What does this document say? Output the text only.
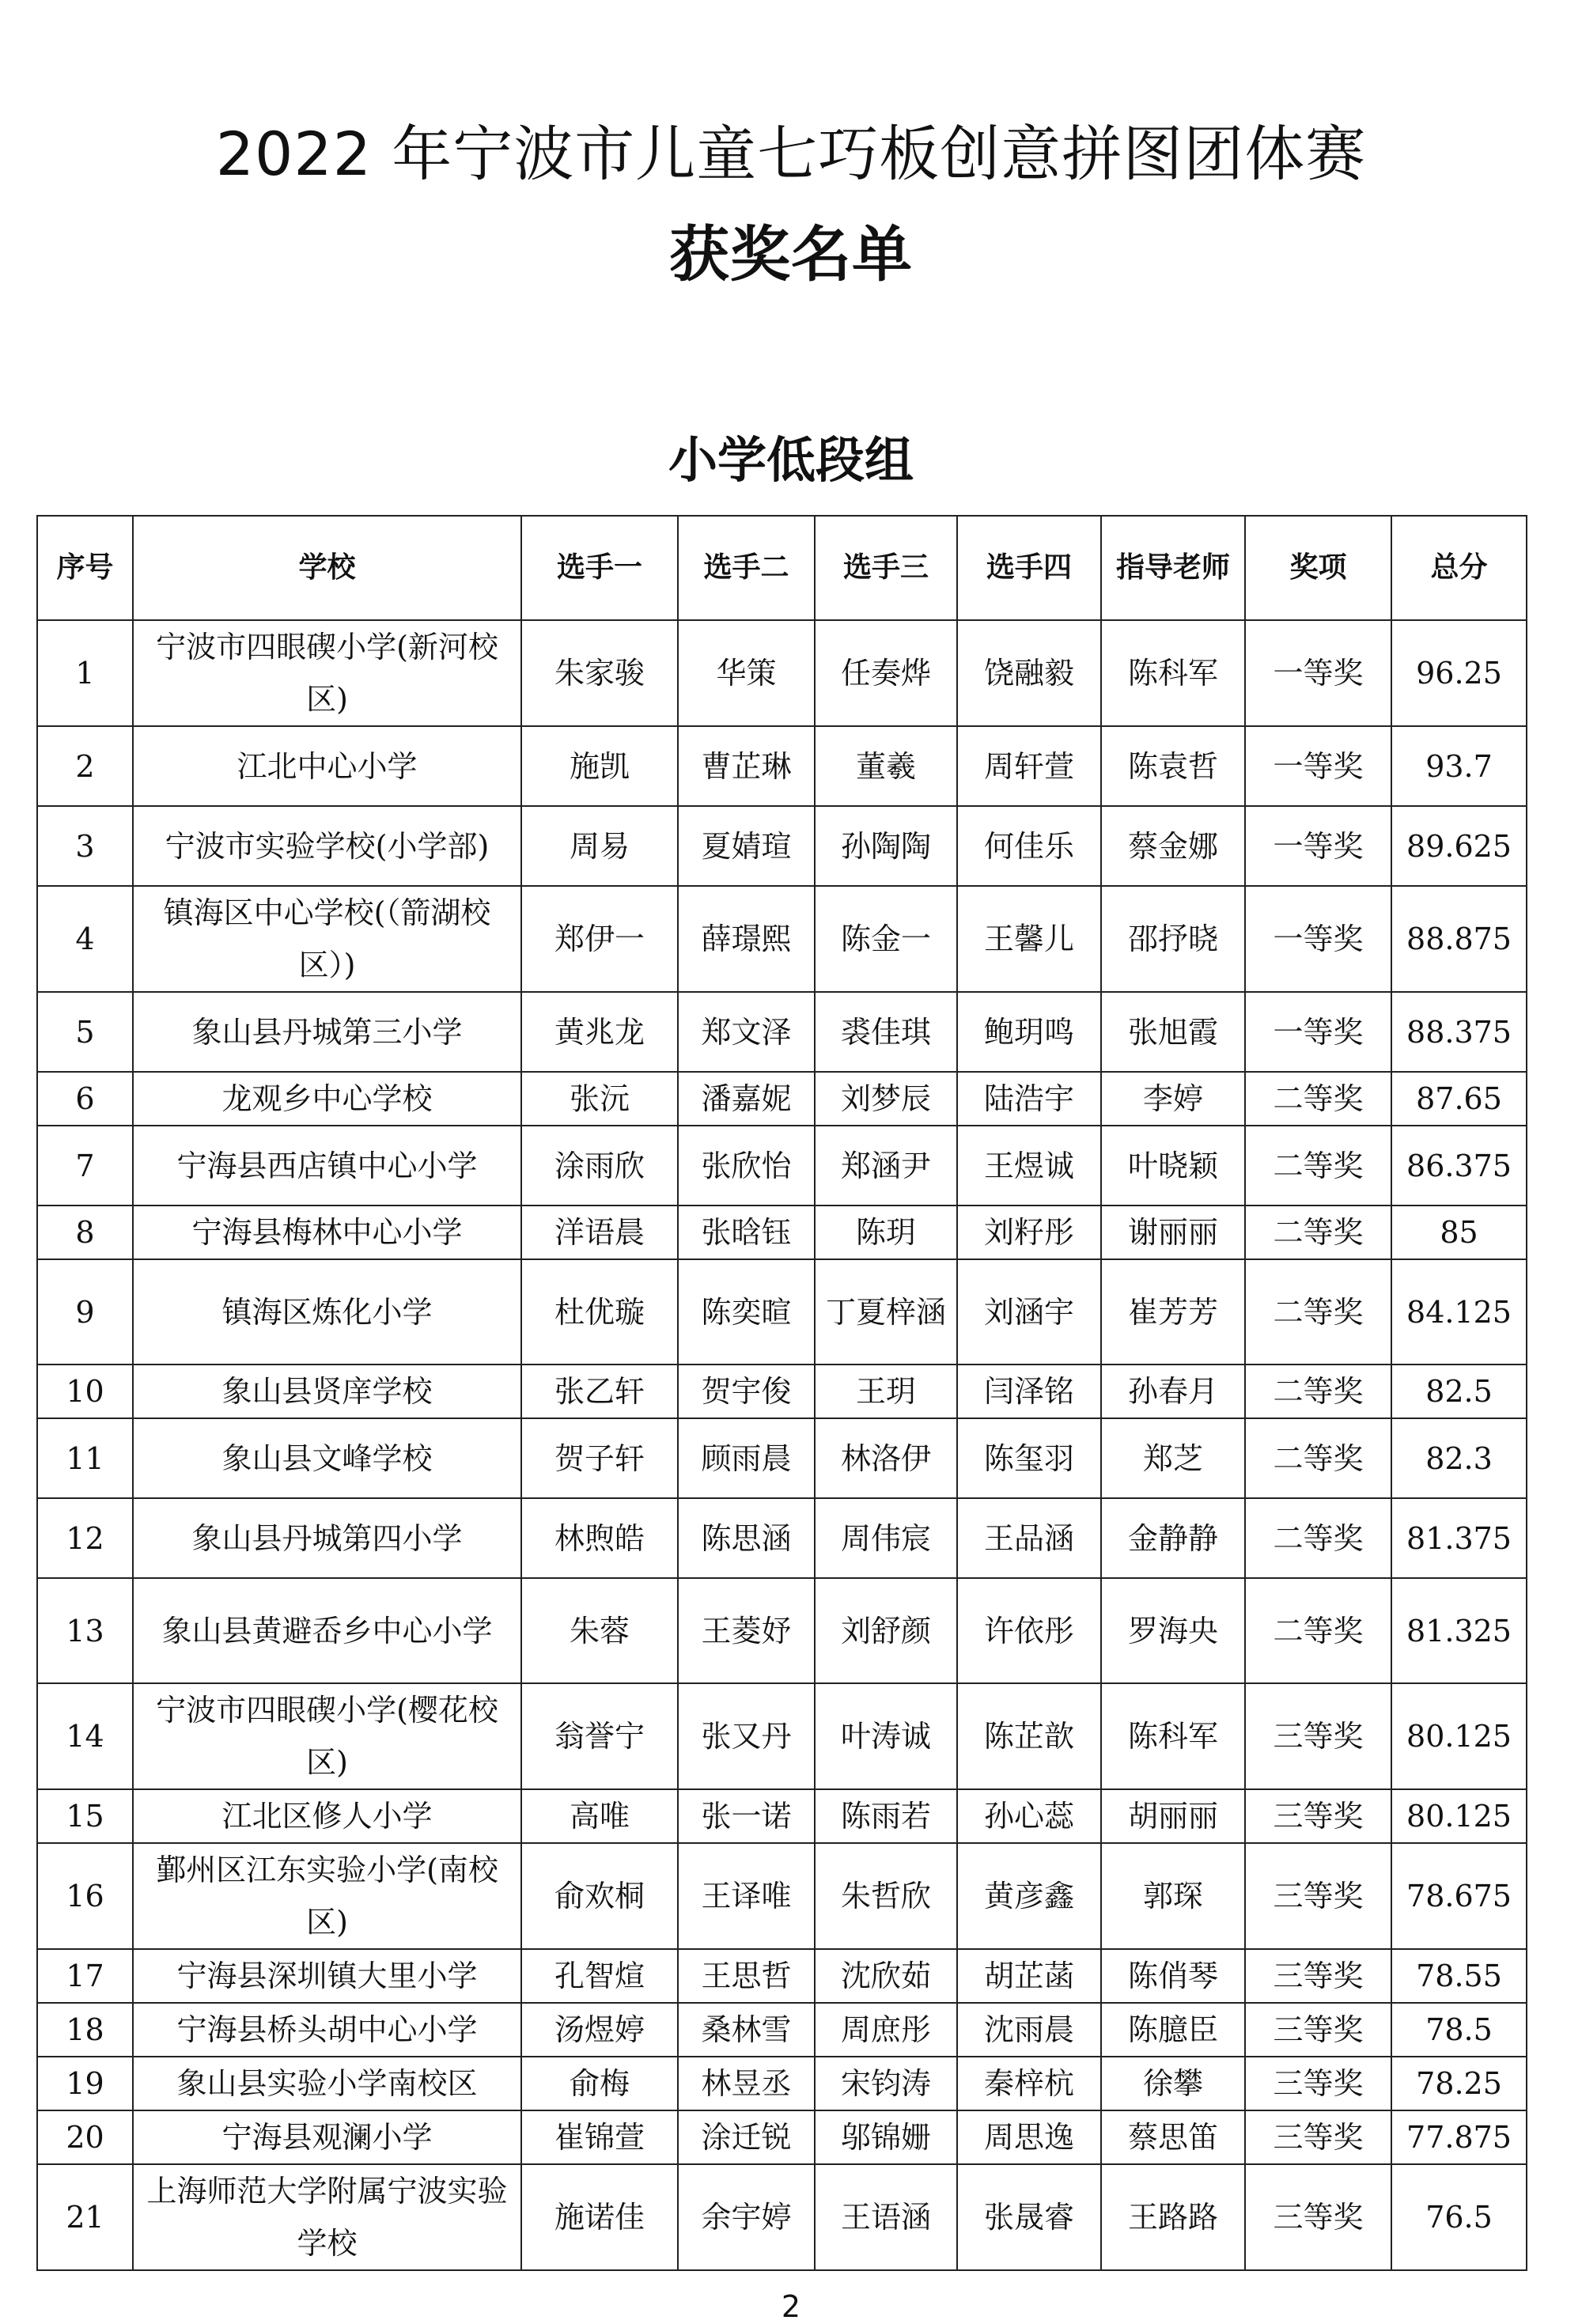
2022 年宁波市儿童七巧板创意拼图团体赛
获奖名单
小学低段组
序号	学校	选手一	选手二	选手三	选手四	指导老师	奖项	总分
1	宁波市四眼碶小学(新河校区)	朱家骏	华策	任奏烨	饶融毅	陈科军	一等奖	96.25
2	江北中心小学	施凯	曹芷琳	董羲	周轩萱	陈袁哲	一等奖	93.7
3	宁波市实验学校(小学部)	周易	夏婧瑄	孙陶陶	何佳乐	蔡金娜	一等奖	89.625
4	镇海区中心学校(（箭湖校区）)	郑伊一	薛璟熙	陈金一	王馨儿	邵抒晓	一等奖	88.875
5	象山县丹城第三小学	黄兆龙	郑文泽	裘佳琪	鲍玥鸣	张旭霞	一等奖	88.375
6	龙观乡中心学校	张沅	潘嘉妮	刘梦辰	陆浩宇	李婷	二等奖	87.65
7	宁海县西店镇中心小学	涂雨欣	张欣怡	郑涵尹	王煜诚	叶晓颖	二等奖	86.375
8	宁海县梅林中心小学	洋语晨	张晗钰	陈玥	刘籽彤	谢丽丽	二等奖	85
9	镇海区炼化小学	杜优璇	陈奕暄	丁夏梓涵	刘涵宇	崔芳芳	二等奖	84.125
10	象山县贤庠学校	张乙轩	贺宇俊	王玥	闫泽铭	孙春月	二等奖	82.5
11	象山县文峰学校	贺子轩	顾雨晨	林洛伊	陈玺羽	郑芝	二等奖	82.3
12	象山县丹城第四小学	林煦皓	陈思涵	周伟宸	王品涵	金静静	二等奖	81.375
13	象山县黄避岙乡中心小学	朱蓉	王菱妤	刘舒颜	许依彤	罗海央	二等奖	81.325
14	宁波市四眼碶小学(樱花校区)	翁誉宁	张又丹	叶涛诚	陈芷歆	陈科军	三等奖	80.125
15	江北区修人小学	高唯	张一诺	陈雨若	孙心蕊	胡丽丽	三等奖	80.125
16	鄞州区江东实验小学(南校区)	俞欢桐	王译唯	朱哲欣	黄彦鑫	郭琛	三等奖	78.675
17	宁海县深圳镇大里小学	孔智煊	王思哲	沈欣茹	胡芷菡	陈俏琴	三等奖	78.55
18	宁海县桥头胡中心小学	汤煜婷	桑林雪	周庶彤	沈雨晨	陈臆臣	三等奖	78.5
19	象山县实验小学南校区	俞梅	林昱丞	宋钧涛	秦梓杭	徐攀	三等奖	78.25
20	宁海县观澜小学	崔锦萱	涂迁锐	邬锦姗	周思逸	蔡思笛	三等奖	77.875
21	上海师范大学附属宁波实验学校	施诺佳	余宇婷	王语涵	张晟睿	王路路	三等奖	76.5
2
